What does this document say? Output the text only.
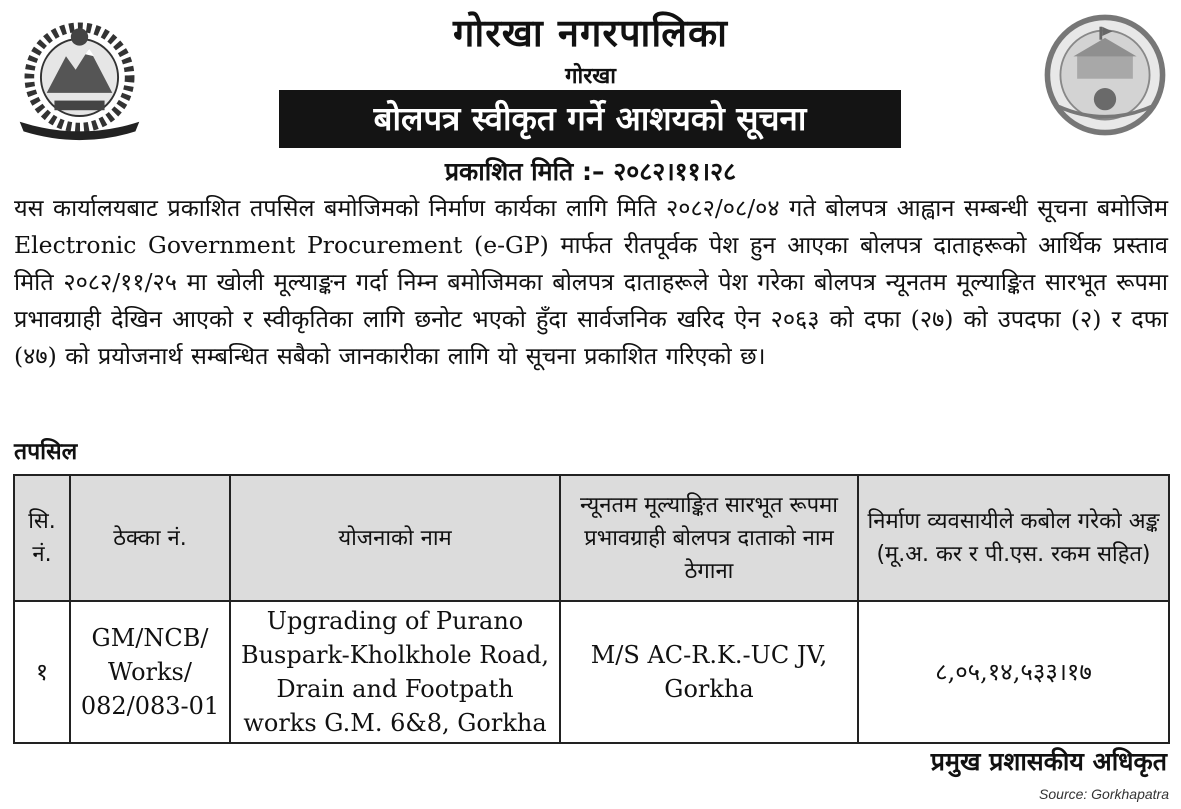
गोरखा नगरपालिका
गोरखा
बोलपत्र स्वीकृत गर्ने आशयको सूचना
प्रकाशित मिति :– २०८२।११।२८
यस कार्यालयबाट प्रकाशित तपसिल बमोजिमको निर्माण कार्यका लागि मिति २०८२/०८/०४ गते बोलपत्र आह्वान सम्बन्धी सूचना बमोजिम Electronic Government Procurement (e-GP) मार्फत रीतपूर्वक पेश हुन आएका बोलपत्र दाताहरूको आर्थिक प्रस्ताव मिति २०८२/११/२५ मा खोली मूल्याङ्कन गर्दा निम्न बमोजिमका बोलपत्र दाताहरूले पेश गरेका बोलपत्र न्यूनतम मूल्याङ्कित सारभूत रूपमा प्रभावग्राही देखिन आएको र स्वीकृतिका लागि छनोट भएको हुँदा सार्वजनिक खरिद ऐन २०६३ को दफा (२७) को उपदफा (२) र दफा (४७) को प्रयोजनार्थ सम्बन्धित सबैको जानकारीका लागि यो सूचना प्रकाशित गरिएको छ।
तपसिल
सि. नं.	ठेक्का नं.	योजनाको नाम	न्यूनतम मूल्याङ्कित सारभूत रूपमा प्रभावग्राही बोलपत्र दाताको नाम ठेगाना	निर्माण व्यवसायीले कबोल गरेको अङ्क (मू.अ. कर र पी.एस. रकम सहित)
१	GM/NCB/ Works/ 082/083-01	Upgrading of Purano Buspark-Kholkhole Road, Drain and Footpath works G.M. 6&8, Gorkha	M/S AC-R.K.-UC JV, Gorkha	८,०५,१४,५३३।१७
प्रमुख प्रशासकीय अधिकृत
Source: Gorkhapatra
